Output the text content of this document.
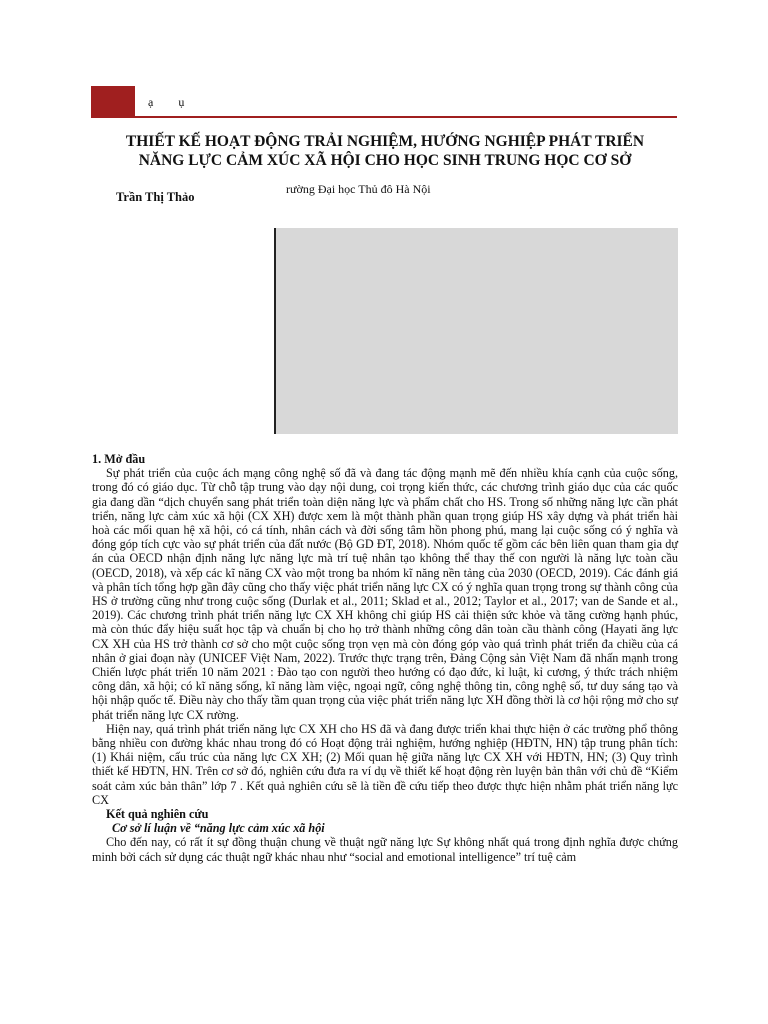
ạ ụ
THIẾT KẾ HOẠT ĐỘNG TRẢI NGHIỆM, HƯỚNG NGHIỆP PHÁT TRIỂN
NĂNG LỰC CẢM XÚC XÃ HỘI CHO HỌC SINH TRUNG HỌC CƠ SỞ
Trần Thị Thảo
rường Đại học Thủ đô Hà Nội

1. Mở đầu

Sự phát triển của cuộc ách mạng công nghệ số đã và đang tác động mạnh mẽ đến nhiều khía cạnh của cuộc sống, trong đó có giáo dục. Từ chỗ tập trung vào dạy nội dung, coi trọng kiến thức, các chương trình giáo dục của các quốc gia đang dần “dịch chuyển sang phát triển toàn diện năng lực và phẩm chất cho HS. Trong số những năng lực cần phát triển, năng lực cảm xúc xã hội (CX XH) được xem là một thành phần quan trọng giúp HS xây dựng và phát triển hài hoà các mối quan hệ xã hội, có cá tính, nhân cách và đời sống tâm hồn phong phú, mang lại cuộc sống có ý nghĩa và đóng góp tích cực vào sự phát triển của đất nước (Bộ GD ĐT, 2018). Nhóm quốc tế gồm các bên liên quan tham gia dự án của OECD nhận định năng lực năng lực mà trí tuệ nhân tạo không thể thay thế con người là năng lực toàn cầu (OECD, 2018), và xếp các kĩ năng CX vào một trong ba nhóm kĩ năng nền tảng của 2030 (OECD, 2019). Các đánh giá và phân tích tổng hợp gần đây cũng cho thấy việc phát triển năng lực CX có ý nghĩa quan trọng trong sự thành công của HS ở trường cũng như trong cuộc sống (Durlak et al., 2011; Sklad et al., 2012; Taylor et al., 2017; van de Sande et al., 2019). Các chương trình phát triển năng lực CX XH không chỉ giúp HS cải thiện sức khỏe và tăng cường hạnh phúc, mà còn thúc đẩy hiệu suất học tập và chuẩn bị cho họ trở thành những công dân toàn cầu thành công (Hayati ăng lực CX XH của HS trở thành cơ sở cho một cuộc sống trọn vẹn mà còn đóng góp vào quá trình phát triển đa chiều của cá nhân ở giai đoạn này (UNICEF Việt Nam, 2022). Trước thực trạng trên, Đảng Cộng sản Việt Nam đã nhấn mạnh trong Chiến lược phát triển 10 năm 2021 : Đào tạo con người theo hướng có đạo đức, kỉ luật, kỉ cương, ý thức trách nhiệm công dân, xã hội; có kĩ năng sống, kĩ năng làm việc, ngoại ngữ, công nghệ thông tin, công nghệ số, tư duy sáng tạo và hội nhập quốc tế. Điều này cho thấy tầm quan trọng của việc phát triển năng lực XH đồng thời là cơ hội rộng mở cho sự phát triển năng lực CX rường.

Hiện nay, quá trình phát triển năng lực CX XH cho HS đã và đang được triển khai thực hiện ở các trường phổ thông bằng nhiều con đường khác nhau trong đó có Hoạt động trải nghiệm, hướng nghiệp (HĐTN, HN) tập trung phân tích: (1) Khái niệm, cấu trúc của năng lực CX XH; (2) Mối quan hệ giữa năng lực CX XH với HĐTN, HN; (3) Quy trình thiết kế HĐTN, HN. Trên cơ sở đó, nghiên cứu đưa ra ví dụ về thiết kế hoạt động rèn luyện bản thân với chủ đề “Kiểm soát cảm xúc bản thân” lớp 7 . Kết quả nghiên cứu sẽ là tiền đề cứu tiếp theo được thực hiện nhằm phát triển năng lực CX

Kết quả nghiên cứu

Cơ sở lí luận về “năng lực cảm xúc xã hội

Cho đến nay, có rất ít sự đồng thuận chung về thuật ngữ năng lực Sự không nhất quá trong định nghĩa được chứng minh bởi cách sử dụng các thuật ngữ khác nhau như “social and emotional intelligence” trí tuệ cảm
